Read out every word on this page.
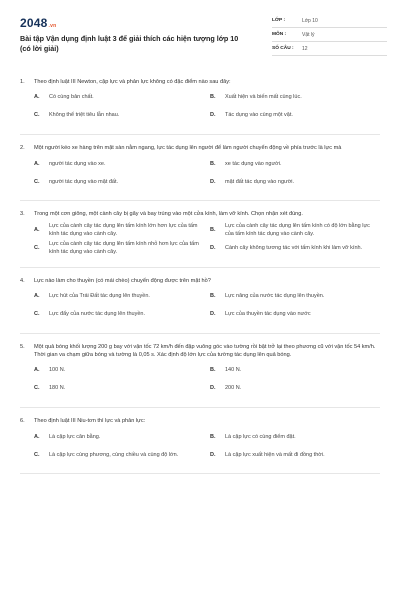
2048.vn
Bài tập Vận dụng định luật 3 để giải thích các hiện tượng lớp 10 (có lời giải)
LỚP :	Lớp 10
MÔN :	Vật lý
SỐ CÂU :	12
1.	Theo định luật III Newton, cặp lực và phản lực không có đặc điểm nào sau đây:
A.	Có cùng bản chất.	B.	Xuất hiện và biến mất cùng lúc.
C.	Không thể triệt tiêu lẫn nhau.	D.	Tác dụng vào cùng một vật.
2.	Một người kéo xe hàng trên mặt sàn nằm ngang, lực tác dụng lên người để làm người chuyển động về phía trước là lực mà
A.	người tác dụng vào xe.	B.	xe tác dụng vào người.
C.	người tác dụng vào mặt đất.	D.	mặt đất tác dụng vào người.
3.	Trong một cơn giông, một cành cây bị gãy và bay trúng vào một cửa kính, làm vỡ kính. Chọn nhận xét đúng.
A.
Lực của cành cây tác dụng lên tấm kính lớn hơn lực của tấm kính tác dụng vào cành cây.
B.
Lực của cành cây tác dụng lên tấm kính có độ lớn bằng lực của tấm kính tác dụng vào cành cây.
C.
Lực của cành cây tác dụng lên tấm kính nhỏ hơn lực của tấm kính tác dụng vào cành cây.
D.	Cành cây không tương tác với tấm kính khi làm vỡ kính.
4.	Lực nào làm cho thuyền (có mái chèo) chuyển động được trên mặt hồ?
A.	Lực hút của Trái Đất tác dụng lên thuyền.	B.	Lực nâng của nước tác dụng lên thuyền.
C.	Lực đẩy của nước tác dụng lên thuyền.	D.	Lực của thuyền tác dụng vào nước
5.	Một quả bóng khối lượng 200 g bay với vận tốc 72 km/h đến đập vuông góc vào tường rồi bật trở lại theo phương cũ với vận tốc 54 km/h. Thời gian va chạm giữa bóng và tường là 0,05 s. Xác định độ lớn lực của tường tác dụng lên quả bóng.
A.	100 N.	B.	140 N.
C.	180 N.	D.	200 N.
6.	Theo định luật III Niu-tơn thì lực và phản lực:
A.	Là cặp lực cân bằng.	B.	Là cặp lực có cùng điểm đặt.
C.	Là cặp lực cùng phương, cùng chiều và cùng độ lớn.	D.	Là cặp lực xuất hiện và mất đi đồng thời.
